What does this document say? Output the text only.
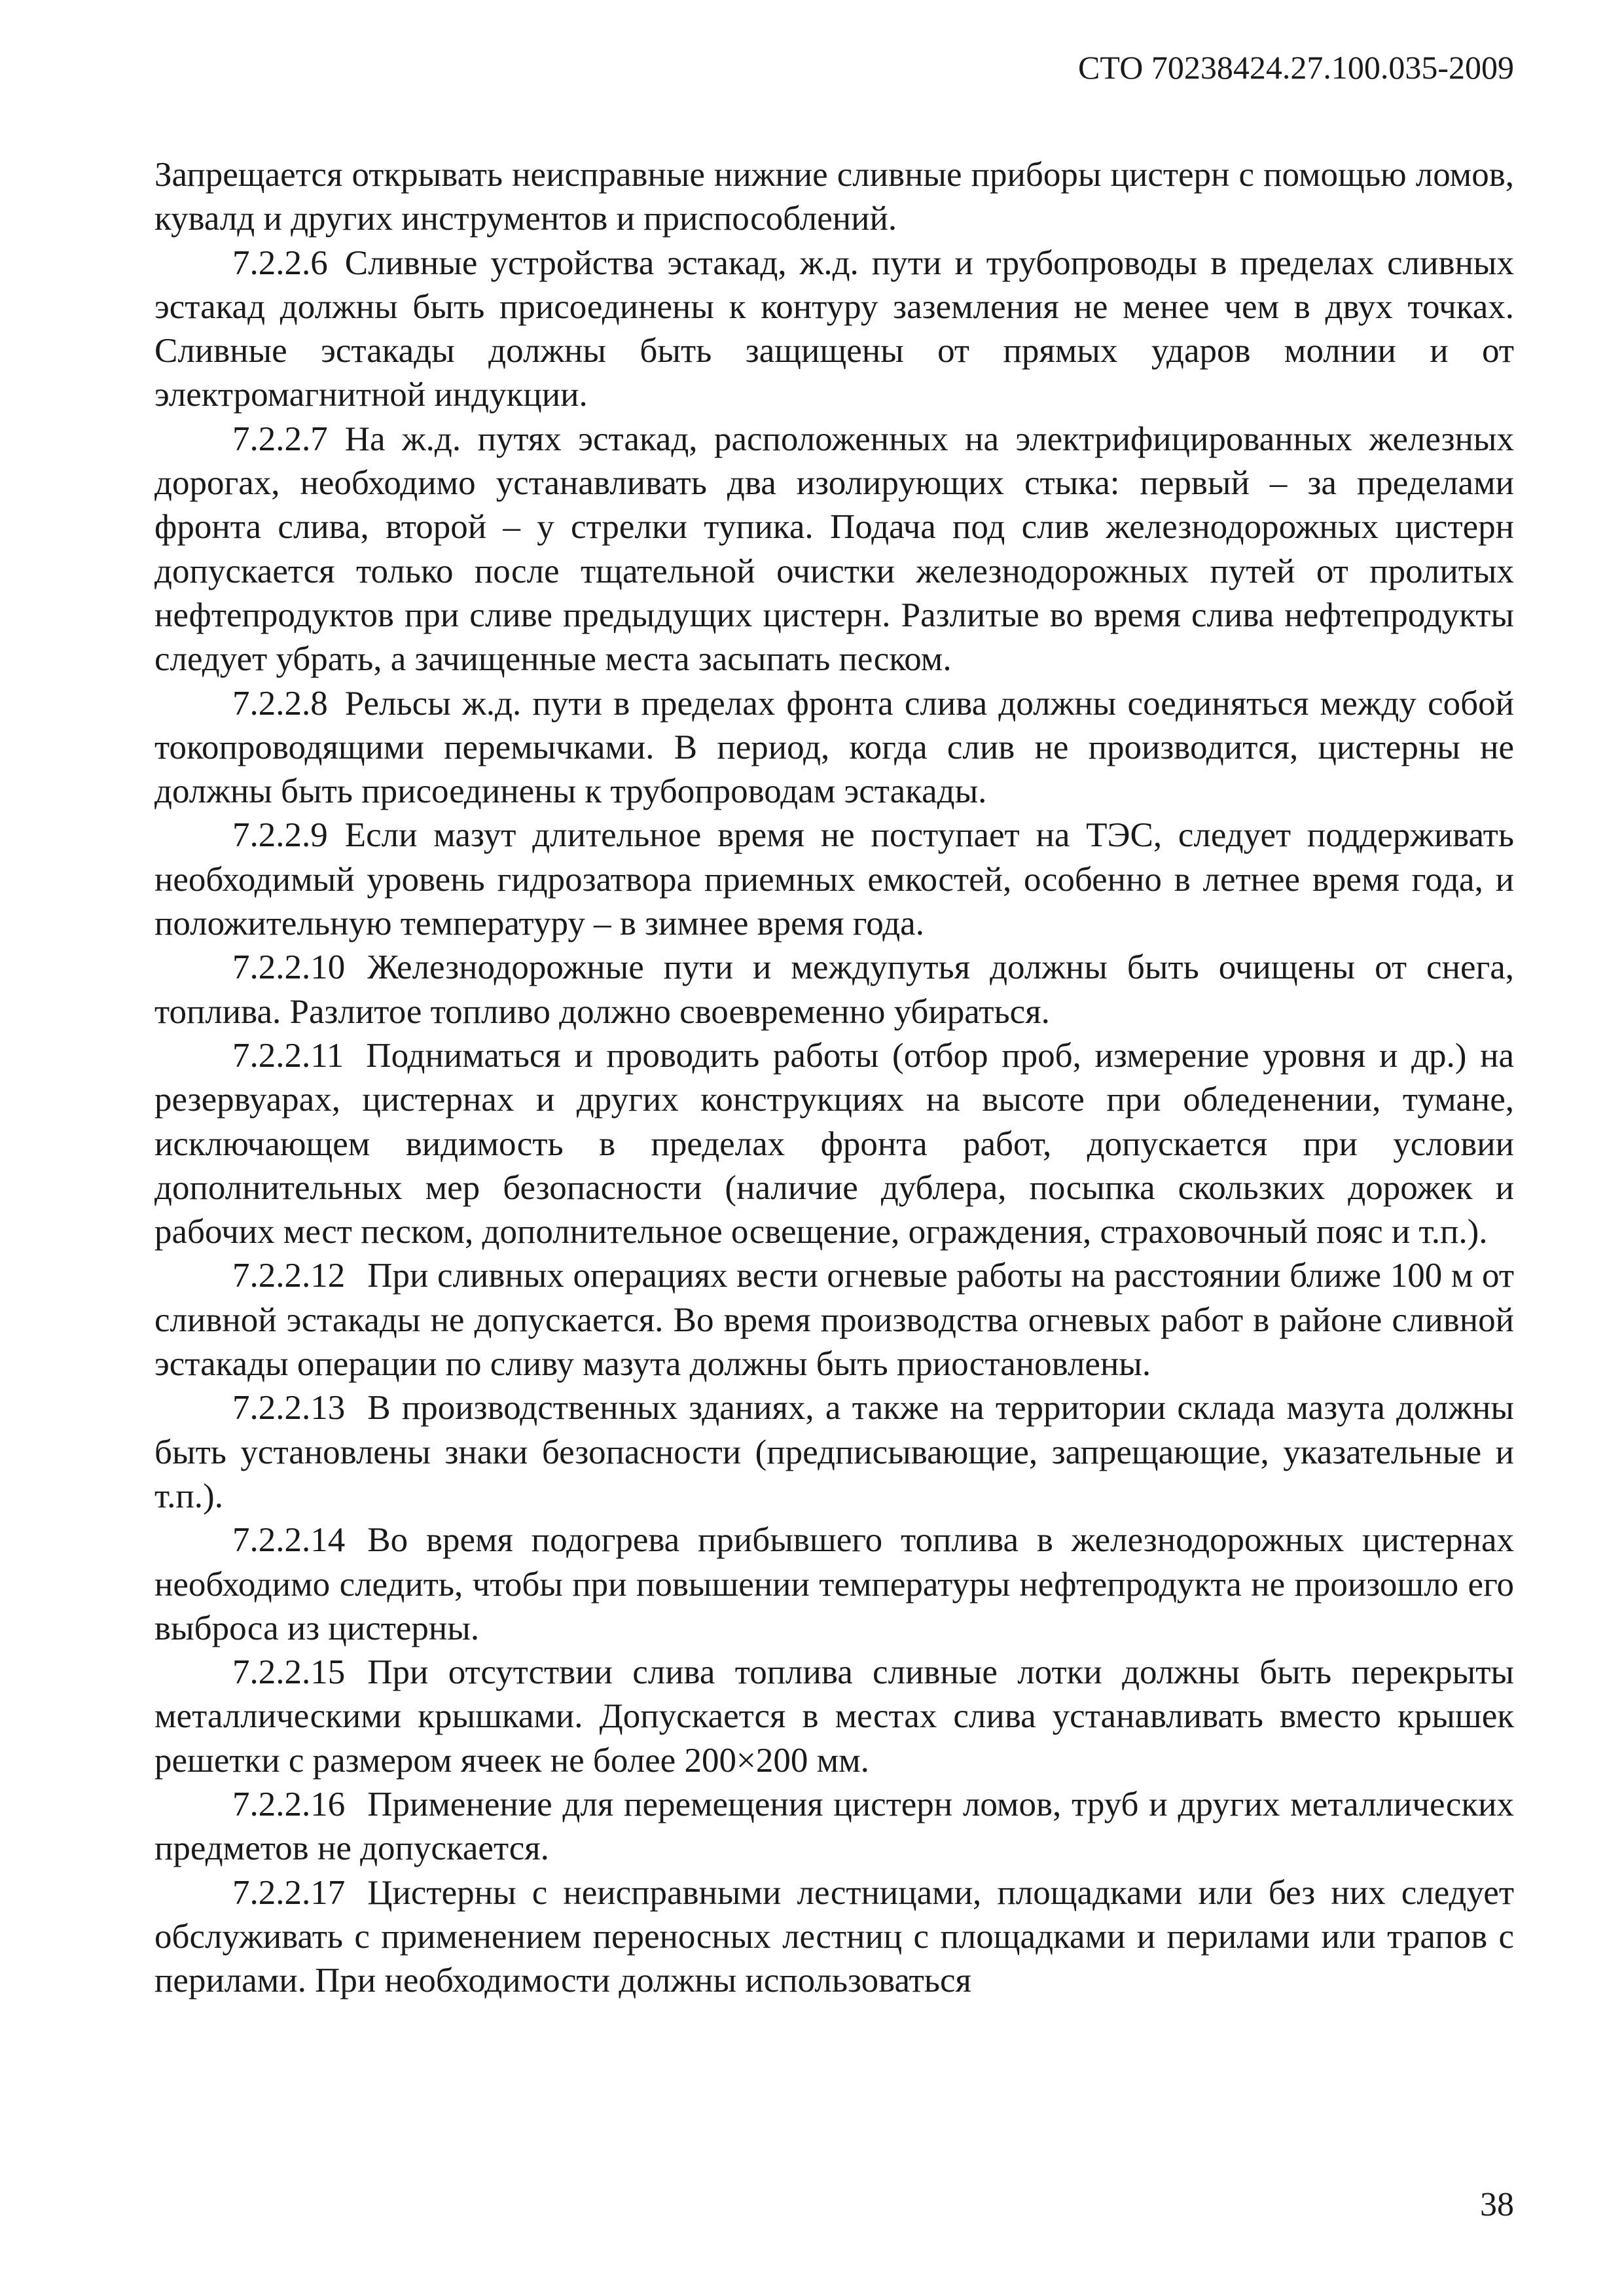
СТО 70238424.27.100.035-2009

Запрещается открывать неисправные нижние сливные приборы цистерн с помощью ломов, кувалд и других инструментов и приспособлений.

7.2.2.6 Сливные устройства эстакад, ж.д. пути и трубопроводы в пределах сливных эстакад должны быть присоединены к контуру заземления не менее чем в двух точках. Сливные эстакады должны быть защищены от прямых ударов молнии и от электромагнитной индукции.

7.2.2.7 На ж.д. путях эстакад, расположенных на электрифицированных железных дорогах, необходимо устанавливать два изолирующих стыка: первый – за пределами фронта слива, второй – у стрелки тупика. Подача под слив железнодорожных цистерн допускается только после тщательной очистки железнодорожных путей от пролитых нефтепродуктов при сливе предыдущих цистерн. Разлитые во время слива нефтепродукты следует убрать, а зачищенные места засыпать песком.

7.2.2.8 Рельсы ж.д. пути в пределах фронта слива должны соединяться между собой токопроводящими перемычками. В период, когда слив не производится, цистерны не должны быть присоединены к трубопроводам эстакады.

7.2.2.9 Если мазут длительное время не поступает на ТЭС, следует поддерживать необходимый уровень гидрозатвора приемных емкостей, особенно в летнее время года, и положительную температуру – в зимнее время года.

7.2.2.10 Железнодорожные пути и междупутья должны быть очищены от снега, топлива. Разлитое топливо должно своевременно убираться.

7.2.2.11 Подниматься и проводить работы (отбор проб, измерение уровня и др.) на резервуарах, цистернах и других конструкциях на высоте при обледенении, тумане, исключающем видимость в пределах фронта работ, допускается при условии дополнительных мер безопасности (наличие дублера, посыпка скользких дорожек и рабочих мест песком, дополнительное освещение, ограждения, страховочный пояс и т.п.).

7.2.2.12 При сливных операциях вести огневые работы на расстоянии ближе 100 м от сливной эстакады не допускается. Во время производства огневых работ в районе сливной эстакады операции по сливу мазута должны быть приостановлены.

7.2.2.13 В производственных зданиях, а также на территории склада мазута должны быть установлены знаки безопасности (предписывающие, запрещающие, указательные и т.п.).

7.2.2.14 Во время подогрева прибывшего топлива в железнодорожных цистернах необходимо следить, чтобы при повышении температуры нефтепродукта не произошло его выброса из цистерны.

7.2.2.15 При отсутствии слива топлива сливные лотки должны быть перекрыты металлическими крышками. Допускается в местах слива устанавливать вместо крышек решетки с размером ячеек не более 200×200 мм.

7.2.2.16 Применение для перемещения цистерн ломов, труб и других металлических предметов не допускается.

7.2.2.17 Цистерны с неисправными лестницами, площадками или без них следует обслуживать с применением переносных лестниц с площадками и перилами или трапов с перилами. При необходимости должны использоваться

38
